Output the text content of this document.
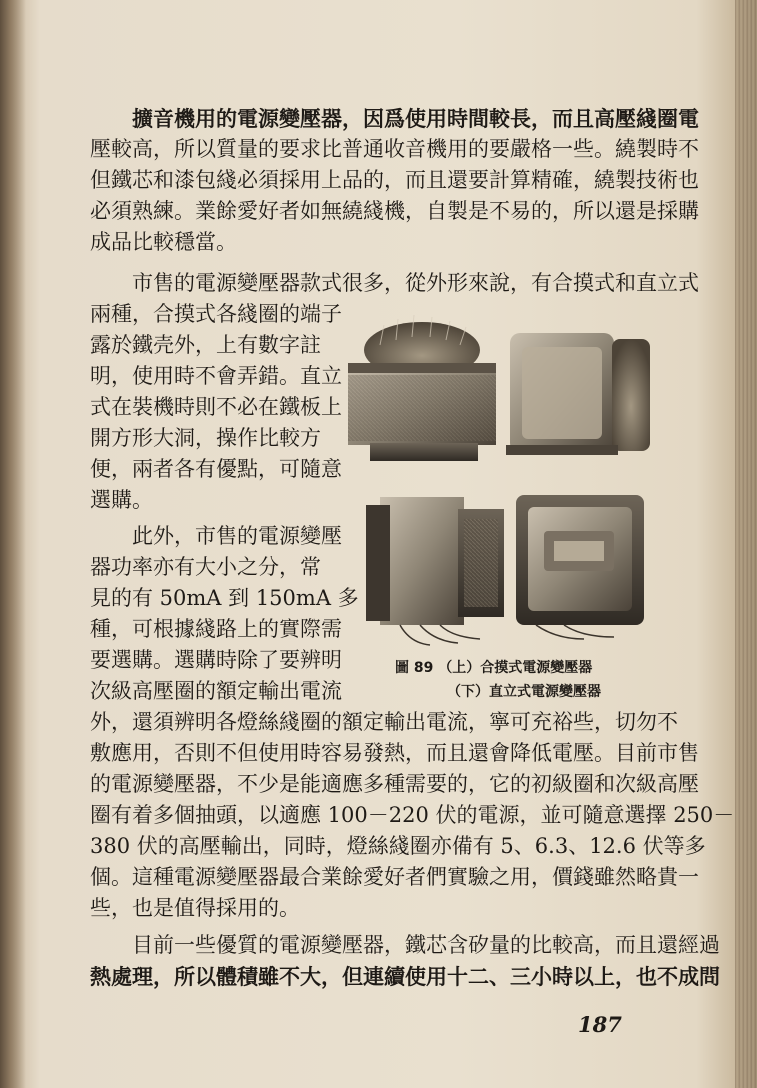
擴音機用的電源變壓器，因爲使用時間較長，而且高壓綫圈電
壓較高，所以質量的要求比普通收音機用的要嚴格一些。繞製時不
但鐵芯和漆包綫必須採用上品的，而且還要計算精確，繞製技術也
必須熟練。業餘愛好者如無繞綫機，自製是不易的，所以還是採購
成品比較穩當。

市售的電源變壓器款式很多，從外形來說，有合摸式和直立式
兩種，合摸式各綫圈的端子
露於鐵壳外，上有數字註
明，使用時不會弄錯。直立
式在裝機時則不必在鐵板上
開方形大洞，操作比較方
便，兩者各有優點，可隨意
選購。

此外，市售的電源變壓
器功率亦有大小之分，常
見的有 50mA 到 150mA 多
種，可根據綫路上的實際需
要選購。選購時除了要辨明
次級高壓圈的額定輸出電流
外，還須辨明各燈絲綫圈的額定輸出電流，寧可充裕些，切勿不
敷應用，否則不但使用時容易發熱，而且還會降低電壓。目前市售
的電源變壓器，不少是能適應多種需要的，它的初級圈和次級高壓
圈有着多個抽頭，以適應 100－220 伏的電源，並可隨意選擇 250－
380 伏的高壓輸出，同時，燈絲綫圈亦備有 5、6.3、12.6 伏等多
個。這種電源變壓器最合業餘愛好者們實驗之用，價錢雖然略貴一
些，也是值得採用的。

目前一些優質的電源變壓器，鐵芯含矽量的比較高，而且還經過
熱處理，所以體積雖不大，但連續使用十二、三小時以上，也不成問

圖 89 （上）合摸式電源變壓器
（下）直立式電源變壓器
187
